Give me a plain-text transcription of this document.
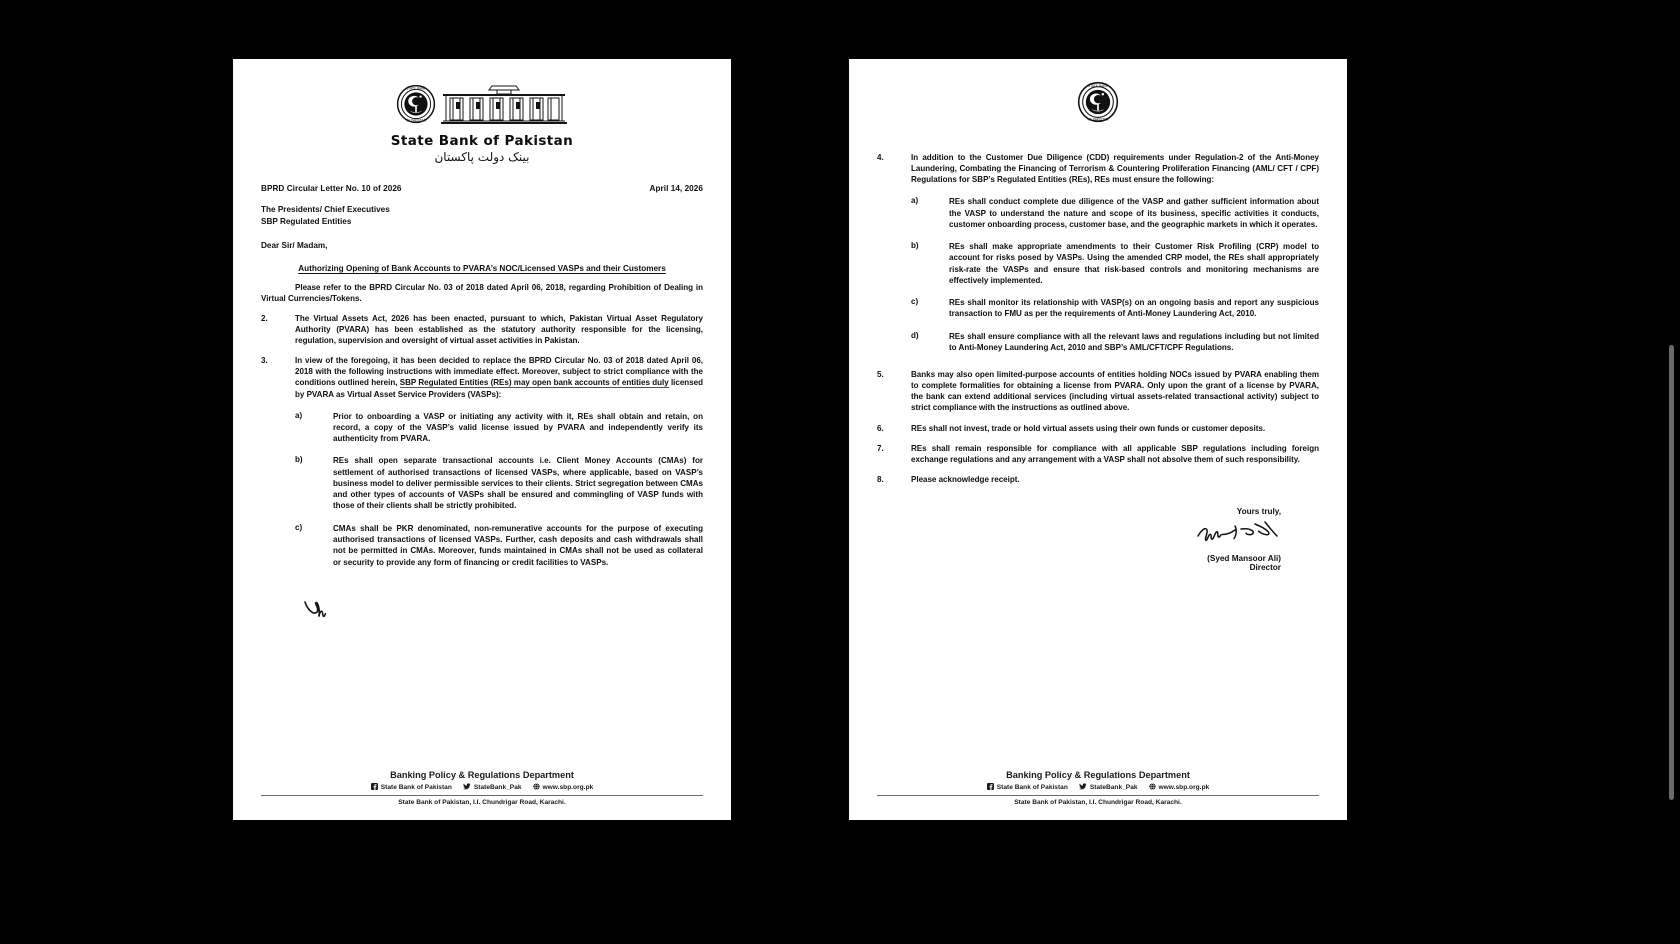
STATE BANK
OF PAKISTAN

State Bank of Pakistan
بینک دولت پاکستان
BPRD Circular Letter No. 10 of 2026	April 14, 2026
The Presidents/ Chief Executives
SBP Regulated Entities
Dear Sir/ Madam,
Authorizing Opening of Bank Accounts to PVARA’s NOC/Licensed VASPs and their Customers
Please refer to the BPRD Circular No. 03 of 2018 dated April 06, 2018, regarding Prohibition of Dealing in Virtual Currencies/Tokens.
2.	The Virtual Assets Act, 2026 has been enacted, pursuant to which, Pakistan Virtual Asset Regulatory Authority (PVARA) has been established as the statutory authority responsible for the licensing, regulation, supervision and oversight of virtual asset activities in Pakistan.
3.	In view of the foregoing, it has been decided to replace the BPRD Circular No. 03 of 2018 dated April 06, 2018 with the following instructions with immediate effect. Moreover, subject to strict compliance with the conditions outlined herein, SBP Regulated Entities (REs) may open bank accounts of entities duly licensed by PVARA as Virtual Asset Service Providers (VASPs):
a)	Prior to onboarding a VASP or initiating any activity with it, REs shall obtain and retain, on record, a copy of the VASP’s valid license issued by PVARA and independently verify its authenticity from PVARA.
b)	REs shall open separate transactional accounts i.e. Client Money Accounts (CMAs) for settlement of authorised transactions of licensed VASPs, where applicable, based on VASP’s business model to deliver permissible services to their clients. Strict segregation between CMAs and other types of accounts of VASPs shall be ensured and commingling of VASP funds with those of their clients shall be strictly prohibited.
c)	CMAs shall be PKR denominated, non-remunerative accounts for the purpose of executing authorised transactions of licensed VASPs. Further, cash deposits and cash withdrawals shall not be permitted in CMAs. Moreover, funds maintained in CMAs shall not be used as collateral or security to provide any form of financing or credit facilities to VASPs.
Banking Policy & Regulations Department
State Bank of Pakistan	StateBank_Pak	www.sbp.org.pk
State Bank of Pakistan, I.I. Chundrigar Road, Karachi.
STATE BANK
OF PAKISTAN
4.	In addition to the Customer Due Diligence (CDD) requirements under Regulation-2 of the Anti-Money Laundering, Combating the Financing of Terrorism & Countering Proliferation Financing (AML/ CFT / CPF) Regulations for SBP’s Regulated Entities (REs), REs must ensure the following:
a)	REs shall conduct complete due diligence of the VASP and gather sufficient information about the VASP to understand the nature and scope of its business, specific activities it conducts, customer onboarding process, customer base, and the geographic markets in which it operates.
b)	REs shall make appropriate amendments to their Customer Risk Profiling (CRP) model to account for risks posed by VASPs. Using the amended CRP model, the REs shall appropriately risk-rate the VASPs and ensure that risk-based controls and monitoring mechanisms are effectively implemented.
c)	REs shall monitor its relationship with VASP(s) on an ongoing basis and report any suspicious transaction to FMU as per the requirements of Anti-Money Laundering Act, 2010.
d)	REs shall ensure compliance with all the relevant laws and regulations including but not limited to Anti-Money Laundering Act, 2010 and SBP’s AML/CFT/CPF Regulations.
5.	Banks may also open limited-purpose accounts of entities holding NOCs issued by PVARA enabling them to complete formalities for obtaining a license from PVARA. Only upon the grant of a license by PVARA, the bank can extend additional services (including virtual assets-related transactional activity) subject to strict compliance with the instructions as outlined above.
6.	REs shall not invest, trade or hold virtual assets using their own funds or customer deposits.
7.	REs shall remain responsible for compliance with all applicable SBP regulations including foreign exchange regulations and any arrangement with a VASP shall not absolve them of such responsibility.
8.	Please acknowledge receipt.
Yours truly,
(Syed Mansoor Ali)
Director
Banking Policy & Regulations Department
State Bank of Pakistan	StateBank_Pak	www.sbp.org.pk
State Bank of Pakistan, I.I. Chundrigar Road, Karachi.
